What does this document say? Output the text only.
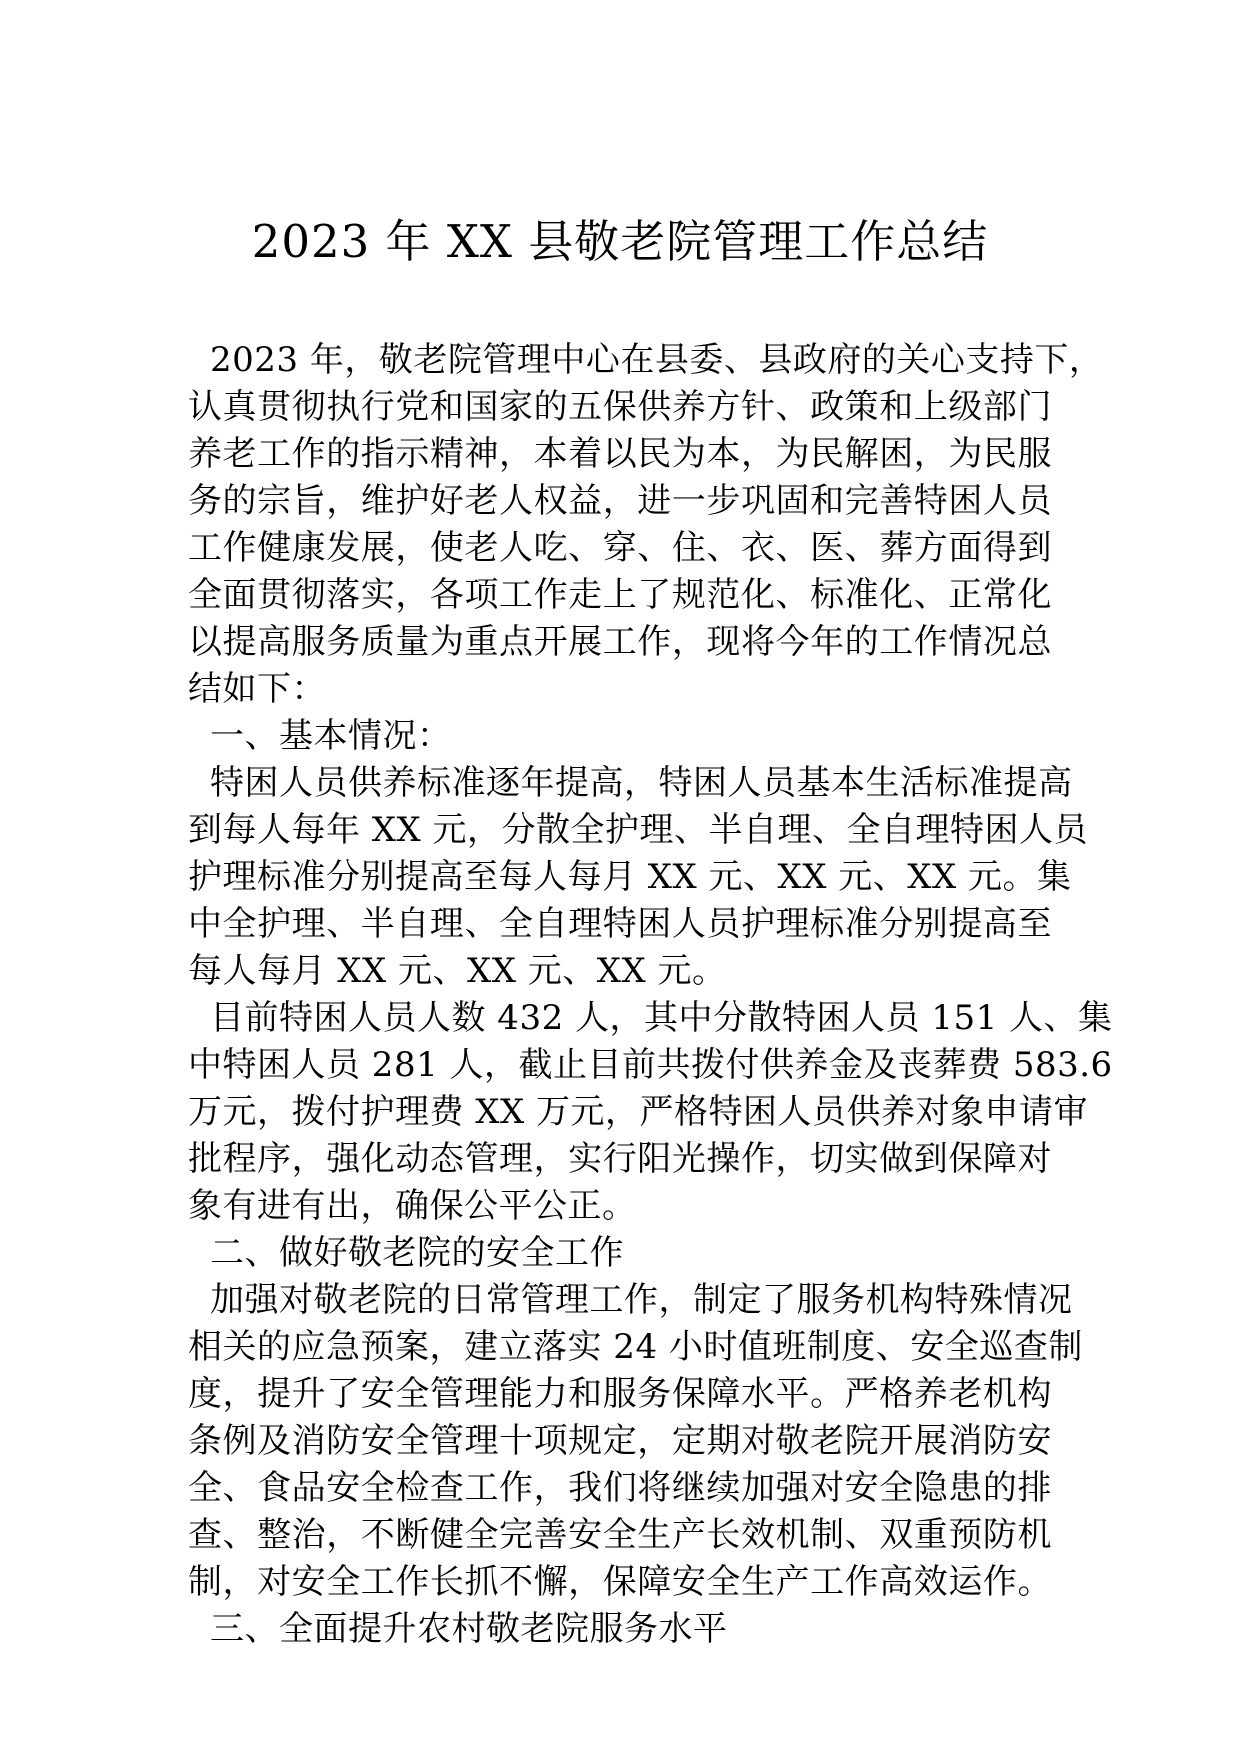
2023 年 XX 县敬老院管理工作总结
2023 年，敬老院管理中心在县委、县政府的关心支持下，
认真贯彻执行党和国家的五保供养方针、政策和上级部门
养老工作的指示精神，本着以民为本，为民解困，为民服
务的宗旨，维护好老人权益，进一步巩固和完善特困人员
工作健康发展，使老人吃、穿、住、衣、医、葬方面得到
全面贯彻落实，各项工作走上了规范化、标准化、正常化
以提高服务质量为重点开展工作，现将今年的工作情况总
结如下：
一、基本情况：
特困人员供养标准逐年提高，特困人员基本生活标准提高
到每人每年 XX 元，分散全护理、半自理、全自理特困人员
护理标准分别提高至每人每月 XX 元、XX 元、XX 元。集
中全护理、半自理、全自理特困人员护理标准分别提高至
每人每月 XX 元、XX 元、XX 元。
目前特困人员人数 432 人，其中分散特困人员 151 人、集
中特困人员 281 人，截止目前共拨付供养金及丧葬费 583.6
万元，拨付护理费 XX 万元，严格特困人员供养对象申请审
批程序，强化动态管理，实行阳光操作，切实做到保障对
象有进有出，确保公平公正。
二、做好敬老院的安全工作
加强对敬老院的日常管理工作，制定了服务机构特殊情况
相关的应急预案，建立落实 24 小时值班制度、安全巡查制
度，提升了安全管理能力和服务保障水平。严格养老机构
条例及消防安全管理十项规定，定期对敬老院开展消防安
全、食品安全检查工作，我们将继续加强对安全隐患的排
查、整治，不断健全完善安全生产长效机制、双重预防机
制，对安全工作长抓不懈，保障安全生产工作高效运作。
三、全面提升农村敬老院服务水平
